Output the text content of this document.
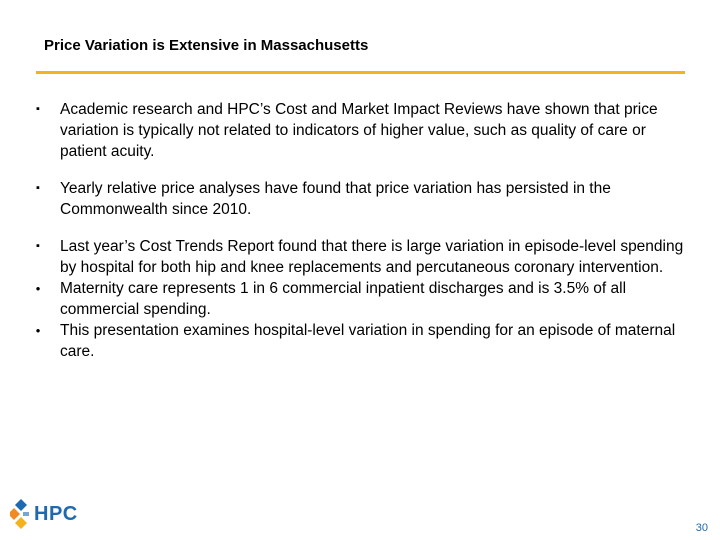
Price Variation is Extensive in Massachusetts
▪ Academic research and HPC’s Cost and Market Impact Reviews have shown that price variation is typically not related to indicators of higher value, such as quality of care or patient acuity.
▪ Yearly relative price analyses have found that price variation has persisted in the Commonwealth since 2010.
▪ Last year’s Cost Trends Report found that there is large variation in episode-level spending by hospital for both hip and knee replacements and percutaneous coronary intervention.
• Maternity care represents 1 in 6 commercial inpatient discharges and is 3.5% of all commercial spending.
• This presentation examines hospital-level variation in spending for an episode of maternal care.
HPC
30
